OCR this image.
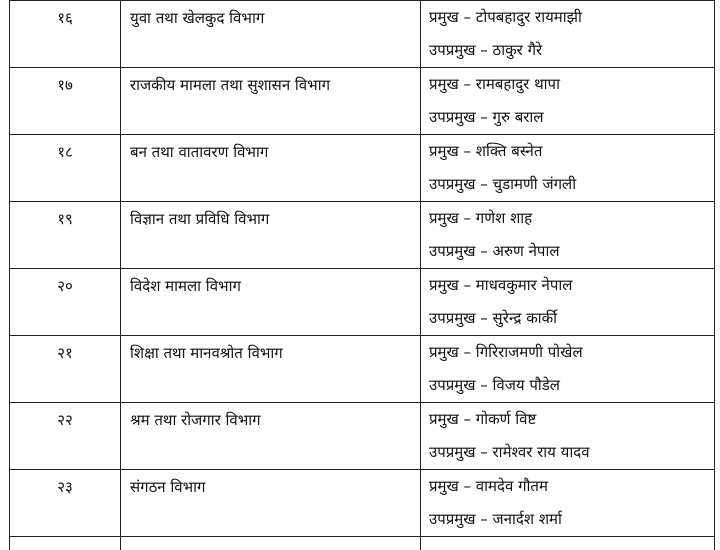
१६	युवा तथा खेलकुद विभाग	प्रमुख – टोपबहादुर रायमाझी
उपप्रमुख – ठाकुर गैरे

१७	राजकीय मामला तथा सुशासन विभाग	प्रमुख – रामबहादुर थापा
उपप्रमुख – गुरु बराल

१८	बन तथा वातावरण विभाग	प्रमुख – शक्ति बस्नेत
उपप्रमुख – चुडामणी जंगली

१९	विज्ञान तथा प्रविधि विभाग	प्रमुख – गणेश शाह
उपप्रमुख – अरुण नेपाल

२०	विदेश मामला विभाग	प्रमुख – माधवकुमार नेपाल
उपप्रमुख – सुरेन्द्र कार्की

२१	शिक्षा तथा मानवश्रोत विभाग	प्रमुख – गिरिराजमणी पोखेल
उपप्रमुख – विजय पौडेल

२२	श्रम तथा रोजगार विभाग	प्रमुख – गोकर्ण विष्ट
उपप्रमुख – रामेश्वर राय यादव

२३	संगठन विभाग	प्रमुख – वामदेव गौतम
उपप्रमुख – जनार्दश शर्मा
